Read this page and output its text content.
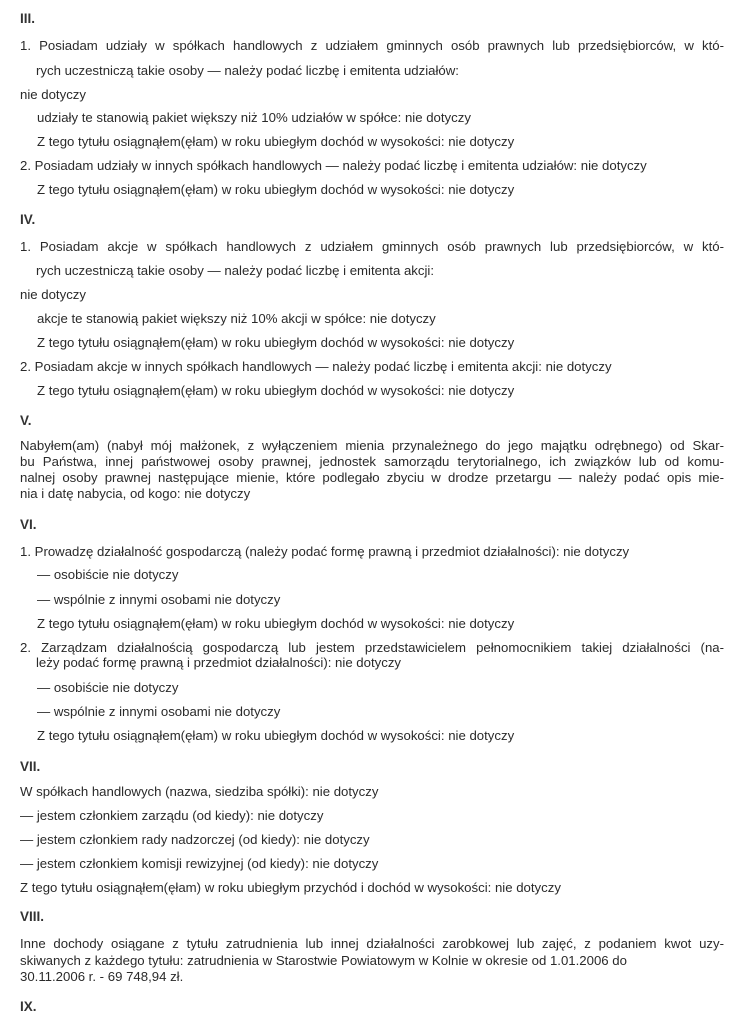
III.
1. Posiadam udziały w spółkach handlowych z udziałem gminnych osób prawnych lub przedsiębiorców, w któ-
rych uczestniczą takie osoby — należy podać liczbę i emitenta udziałów:
nie dotyczy
udziały te stanowią pakiet większy niż 10% udziałów w spółce: nie dotyczy
Z tego tytułu osiągnąłem(ęłam) w roku ubiegłym dochód w wysokości: nie dotyczy
2. Posiadam udziały w innych spółkach handlowych — należy podać liczbę i emitenta udziałów: nie dotyczy
Z tego tytułu osiągnąłem(ęłam) w roku ubiegłym dochód w wysokości: nie dotyczy
IV.
1. Posiadam akcje w spółkach handlowych z udziałem gminnych osób prawnych lub przedsiębiorców, w któ-
rych uczestniczą takie osoby — należy podać liczbę i emitenta akcji:
nie dotyczy
akcje te stanowią pakiet większy niż 10% akcji w spółce: nie dotyczy
Z tego tytułu osiągnąłem(ęłam) w roku ubiegłym dochód w wysokości: nie dotyczy
2. Posiadam akcje w innych spółkach handlowych — należy podać liczbę i emitenta akcji: nie dotyczy
Z tego tytułu osiągnąłem(ęłam) w roku ubiegłym dochód w wysokości: nie dotyczy
V.
Nabyłem(am) (nabył mój małżonek, z wyłączeniem mienia przynależnego do jego majątku odrębnego) od Skar-
bu Państwa, innej państwowej osoby prawnej, jednostek samorządu terytorialnego, ich związków lub od komu-
nalnej osoby prawnej następujące mienie, które podlegało zbyciu w drodze przetargu — należy podać opis mie-
nia i datę nabycia, od kogo: nie dotyczy
VI.
1. Prowadzę działalność gospodarczą (należy podać formę prawną i przedmiot działalności): nie dotyczy
— osobiście nie dotyczy
— wspólnie z innymi osobami nie dotyczy
Z tego tytułu osiągnąłem(ęłam) w roku ubiegłym dochód w wysokości: nie dotyczy
2. Zarządzam działalnością gospodarczą lub jestem przedstawicielem pełnomocnikiem takiej działalności (na-
leży podać formę prawną i przedmiot działalności): nie dotyczy
— osobiście nie dotyczy
— wspólnie z innymi osobami nie dotyczy
Z tego tytułu osiągnąłem(ęłam) w roku ubiegłym dochód w wysokości: nie dotyczy
VII.
W spółkach handlowych (nazwa, siedziba spółki): nie dotyczy
— jestem członkiem zarządu (od kiedy): nie dotyczy
— jestem członkiem rady nadzorczej (od kiedy): nie dotyczy
— jestem członkiem komisji rewizyjnej (od kiedy): nie dotyczy
Z tego tytułu osiągnąłem(ęłam) w roku ubiegłym przychód i dochód w wysokości: nie dotyczy
VIII.
Inne dochody osiągane z tytułu zatrudnienia lub innej działalności zarobkowej lub zajęć, z podaniem kwot uzy-
skiwanych z każdego tytułu: zatrudnienia w Starostwie Powiatowym w Kolnie w okresie od 1.01.2006 do
30.11.2006 r. - 69 748,94 zł.
IX.
